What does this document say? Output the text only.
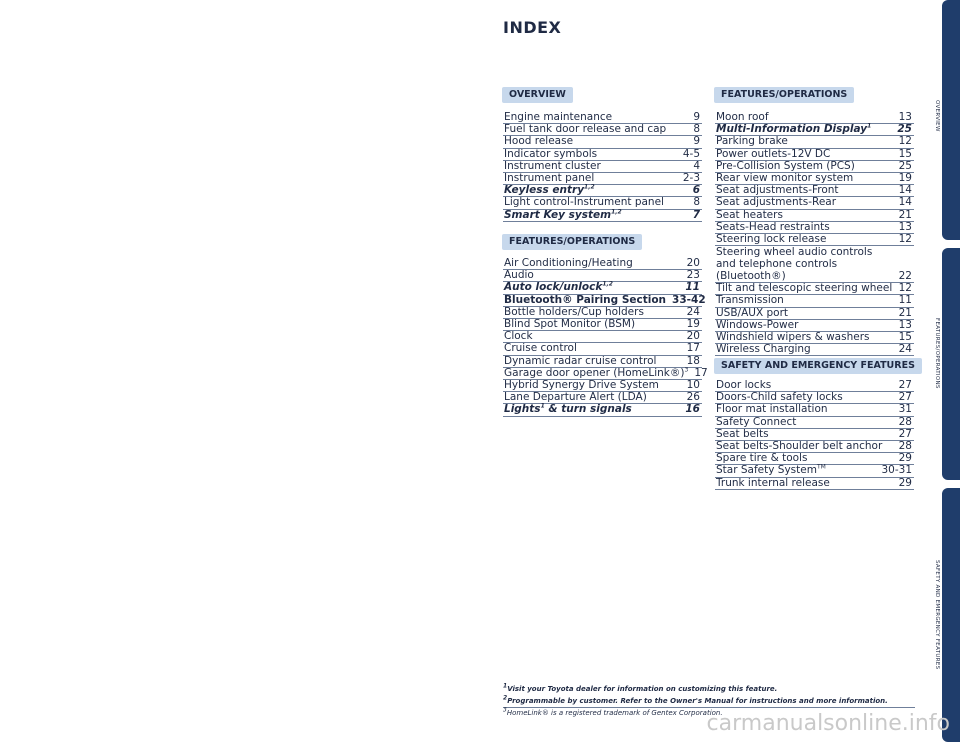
INDEX
OVERVIEW
Engine maintenance	9
Fuel tank door release and cap	8
Hood release	9
Indicator symbols	4-5
Instrument cluster	4
Instrument panel	2-3
Keyless entry$^{1,2}$	6
Light control-Instrument panel	8
Smart Key system$^{1,2}$	7
FEATURES/OPERATIONS
Air Conditioning/Heating	20
Audio	23
Auto lock/unlock$^{1,2}$	11
Bluetooth® Pairing Section 33-42
Bottle holders/Cup holders	24
Blind Spot Monitor (BSM)	19
Clock	20
Cruise control	17
Dynamic radar cruise control	18
Garage door opener (HomeLink®)$^3$ 17
Hybrid Synergy Drive System	10
Lane Departure Alert (LDA)	26
Lights$^1$ & turn signals	16
FEATURES/OPERATIONS
Moon roof	13
Multi-Information Display$^1$	25
Parking brake	12
Power outlets-12V DC	15
Pre-Collision System (PCS)	25
Rear view monitor system	19
Seat adjustments-Front	14
Seat adjustments-Rear	14
Seat heaters	21
Seats-Head restraints	13
Steering lock release	12
Steering wheel audio controls and telephone controls (Bluetooth®)	22
Tilt and telescopic steering wheel 12
Transmission	11
USB/AUX port	21
Windows-Power	13
Windshield wipers & washers	15
Wireless Charging	24
SAFETY AND EMERGENCY FEATURES
Door locks	27
Doors-Child safety locks	27
Floor mat installation	31
Safety Connect	28
Seat belts	27
Seat belts-Shoulder belt anchor	28
Spare tire & tools	29
Star Safety System™	30-31
Trunk internal release	29
OVERVIEW
FEATURES/OPERATIONS
SAFETY AND EMERGENCY FEATURES
$^1$Visit your Toyota dealer for information on customizing this feature.
$^2$Programmable by customer. Refer to the Owner's Manual for instructions and more information.
$^3$HomeLink® is a registered trademark of Gentex Corporation.
carmanualsonline.info
